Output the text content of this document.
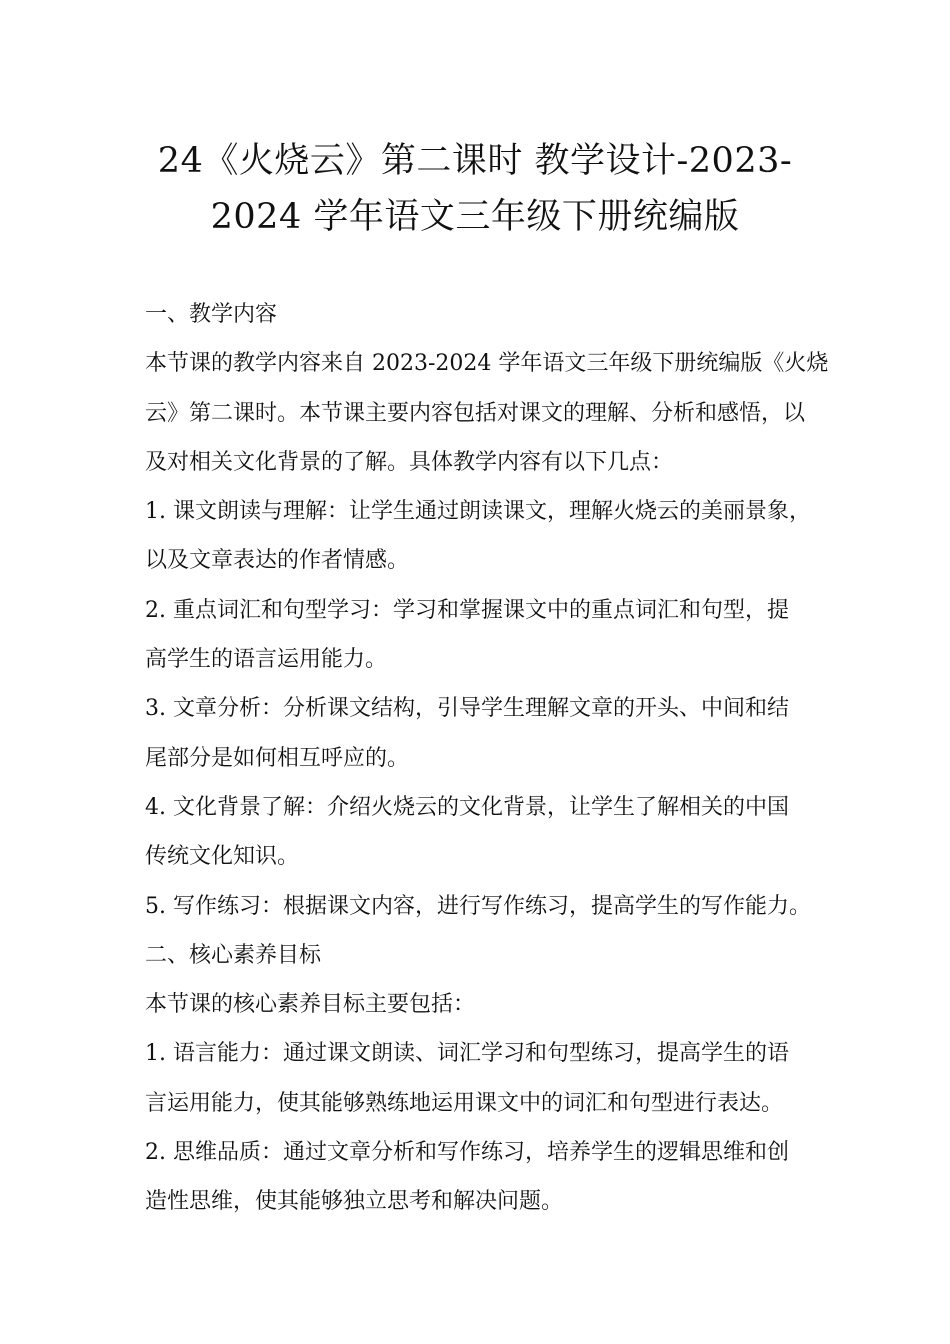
24《火烧云》第二课时 教学设计-2023-
2024 学年语文三年级下册统编版
一、教学内容
本节课的教学内容来自 2023-2024 学年语文三年级下册统编版《火烧
云》第二课时。本节课主要内容包括对课文的理解、分析和感悟，以
及对相关文化背景的了解。具体教学内容有以下几点：
1. 课文朗读与理解：让学生通过朗读课文，理解火烧云的美丽景象，
以及文章表达的作者情感。
2. 重点词汇和句型学习：学习和掌握课文中的重点词汇和句型，提
高学生的语言运用能力。
3. 文章分析：分析课文结构，引导学生理解文章的开头、中间和结
尾部分是如何相互呼应的。
4. 文化背景了解：介绍火烧云的文化背景，让学生了解相关的中国
传统文化知识。
5. 写作练习：根据课文内容，进行写作练习，提高学生的写作能力。
二、核心素养目标
本节课的核心素养目标主要包括：
1. 语言能力：通过课文朗读、词汇学习和句型练习，提高学生的语
言运用能力，使其能够熟练地运用课文中的词汇和句型进行表达。
2. 思维品质：通过文章分析和写作练习，培养学生的逻辑思维和创
造性思维，使其能够独立思考和解决问题。
